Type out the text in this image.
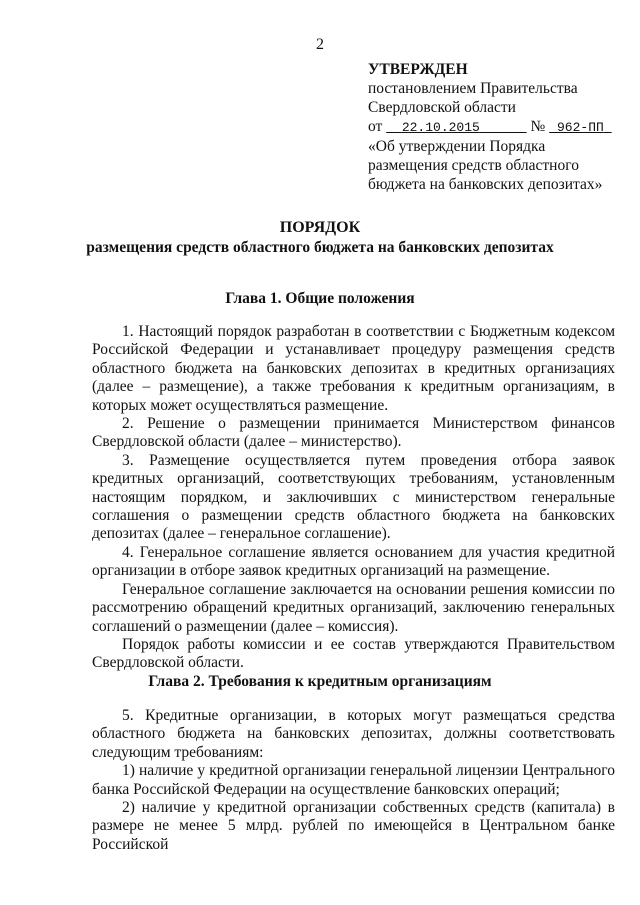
2
УТВЕРЖДЕН
постановлением Правительства
Свердловской области
от 22.10.2015	№ 962-ПП
«Об утверждении Порядка
размещения средств областного
бюджета на банковских депозитах»
ПОРЯДОК
размещения средств областного бюджета на банковских депозитах
Глава 1. Общие положения

1. Настоящий порядок разработан в соответствии с Бюджетным кодексом Российской Федерации и устанавливает процедуру размещения средств областного бюджета на банковских депозитах в кредитных организациях (далее – размещение), а также требования к кредитным организациям, в которых может осуществляться размещение.

2. Решение о размещении принимается Министерством финансов Свердловской области (далее – министерство).

3. Размещение осуществляется путем проведения отбора заявок кредитных организаций, соответствующих требованиям, установленным настоящим порядком, и заключивших с министерством генеральные соглашения о размещении средств областного бюджета на банковских депозитах (далее – генеральное соглашение).

4. Генеральное соглашение является основанием для участия кредитной организации в отборе заявок кредитных организаций на размещение.

Генеральное соглашение заключается на основании решения комиссии по рассмотрению обращений кредитных организаций, заключению генеральных соглашений о размещении (далее – комиссия).

Порядок работы комиссии и ее состав утверждаются Правительством Свердловской области.

Глава 2. Требования к кредитным организациям

5. Кредитные организации, в которых могут размещаться средства областного бюджета на банковских депозитах, должны соответствовать следующим требованиям:

1) наличие у кредитной организации генеральной лицензии Центрального банка Российской Федерации на осуществление банковских операций;

2) наличие у кредитной организации собственных средств (капитала) в размере не менее 5 млрд. рублей по имеющейся в Центральном банке Российской
